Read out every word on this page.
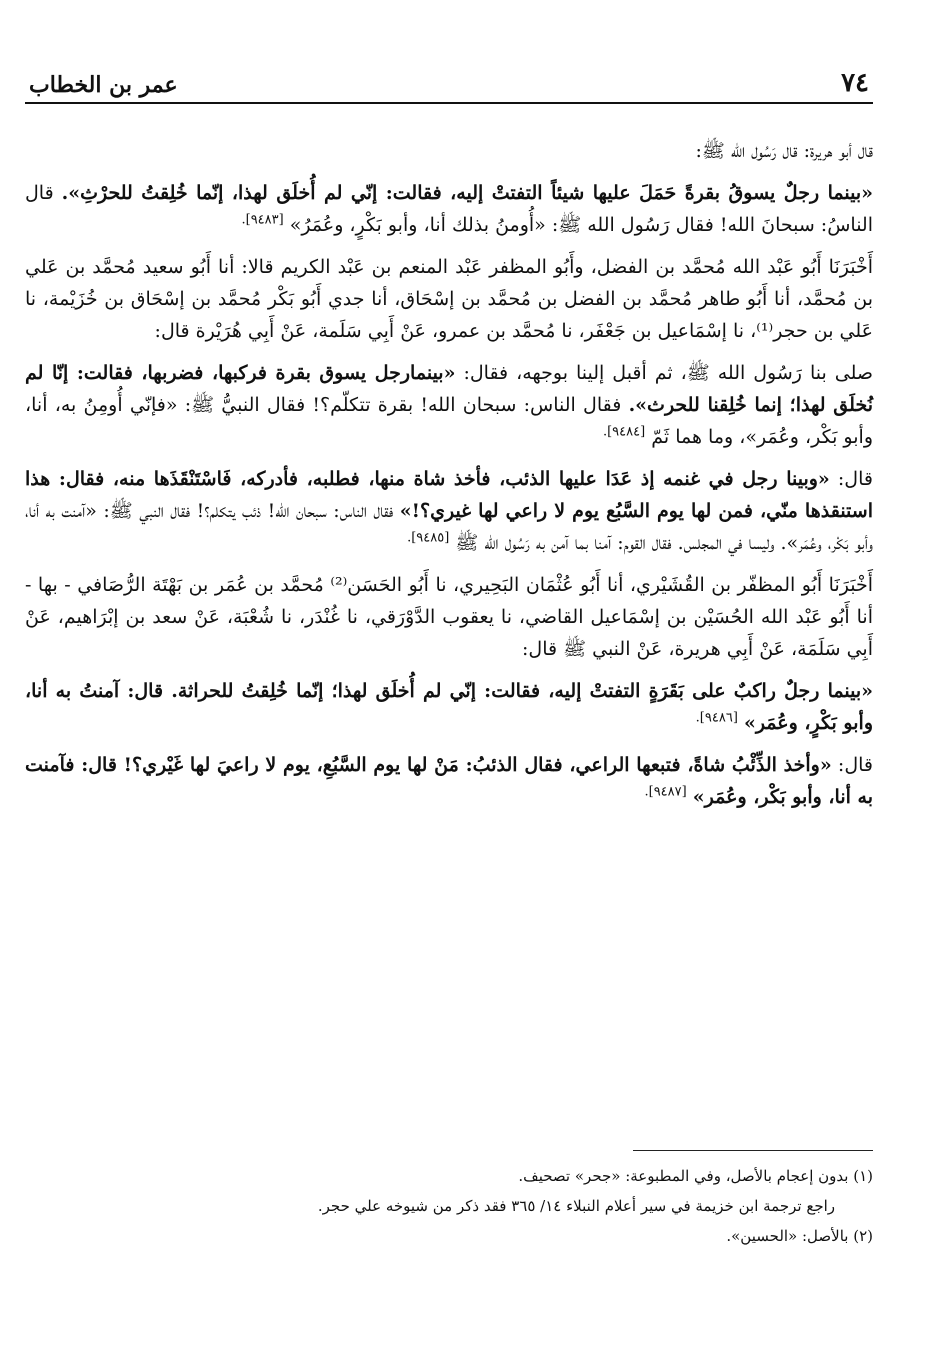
٧٤
عمر بن الخطاب

قال أبو هريرة: قال رَسُول الله ﷺ:

«بينما رجلٌ يسوقُ بقرةً حَمَلَ عليها شيئاً التفتتْ إليه، فقالت: إنّي لم أُخلَق لهذا، إنّما خُلِقتُ للحرْثِ». قال الناسُ: سبحانَ الله! فقال رَسُول الله ﷺ: «أُومنُ بذلك أنا، وأبو بَكْرٍ، وعُمَرُ» $^{[٩٤٨٣].}$

أَخْبَرَنَا أَبُو عَبْد الله مُحمَّد بن الفضل، وأَبُو المظفر عَبْد المنعم بن عَبْد الكريم قالا: أنا أَبُو سعيد مُحمَّد بن عَلي بن مُحمَّد، أنا أَبُو طاهر مُحمَّد بن الفضل بن مُحمَّد بن إسْحَاق، أنا جدي أَبُو بَكْر مُحمَّد بن إسْحَاق بن خُزَيْمة، نا عَلي بن حجر⁽¹⁾، نا إسْمَاعيل بن جَعْفَر، نا مُحمَّد بن عمرو، عَنْ أَبِي سَلَمة، عَنْ أَبِي هُرَيْرة قال:

صلى بنا رَسُول الله ﷺ، ثم أقبل إلينا بوجهه، فقال: «بينمارجل يسوق بقرة فركبها، فضربها، فقالت: إنّا لم نُخلَق لهذا؛ إنما خُلِقنا للحرث». فقال الناس: سبحان الله! بقرة تتكلّم؟! فقال النبيُّ ﷺ: «فإنّي أُومِنُ به، أنا، وأبو بَكْر، وعُمَر»، وما هما ثَمّ $^{[٩٤٨٤].}$

قال: «وبينا رجل في غنمه إذ عَدَا عليها الذئب، فأخذ شاة منها، فطلبه، فأدركه، فَاسْتَنْقَذَها منه، فقال: هذا استنقذها منّي، فمن لها يوم السَّبُع يوم لا راعي لها غيري؟!» فقال الناس: سبحان الله! ذئب يتكلم؟! فقال النبي ﷺ: «آمنت به أنا، وأبو بَكْر، وعُمَر». وليسا في المجلس. فقال القوم: آمنا بما آمن به رَسُول الله ﷺ $^{[٩٤٨٥].}$

أَخْبَرَنَا أَبُو المظفّر بن القُشَيْري، أنا أَبُو عُثْمَان البَحِيري، نا أَبُو الحَسَن⁽²⁾ مُحمَّد بن عُمَر بن بَهْتَة الرُّصَافي - بها - أنا أَبُو عَبْد الله الحُسَيْن بن إسْمَاعيل القاضي، نا يعقوب الدَّوْرَقي، نا غُنْدَر، نا شُعْبَة، عَنْ سعد بن إبْرَاهيم، عَنْ أَبِي سَلَمَة، عَنْ أَبِي هريرة، عَنْ النبي ﷺ قال:

«بينما رجلٌ راكبٌ على بَقَرَةٍ التفتتْ إليه، فقالت: إنّي لم أُخلَق لهذا؛ إنّما خُلِقتُ للحراثة. قال: آمنتُ به أنا، وأبو بَكْرٍ، وعُمَر» $^{[٩٤٨٦].}$

قال: «وأخذ الذِّئْبُ شاةً، فتبعها الراعي، فقال الذئبُ: مَنْ لها يوم السَّبُعِ، يوم لا راعيَ لها غَيْري؟! قال: فآمنت به أنا، وأبو بَكْر، وعُمَر» $^{[٩٤٨٧].}$

(١) بدون إعجام بالأصل، وفي المطبوعة: «جحر» تصحيف.

راجع ترجمة ابن خزيمة في سير أعلام النبلاء ١٤/ ٣٦٥ فقد ذكر من شيوخه علي حجر.

(٢) بالأصل: «الحسين».
